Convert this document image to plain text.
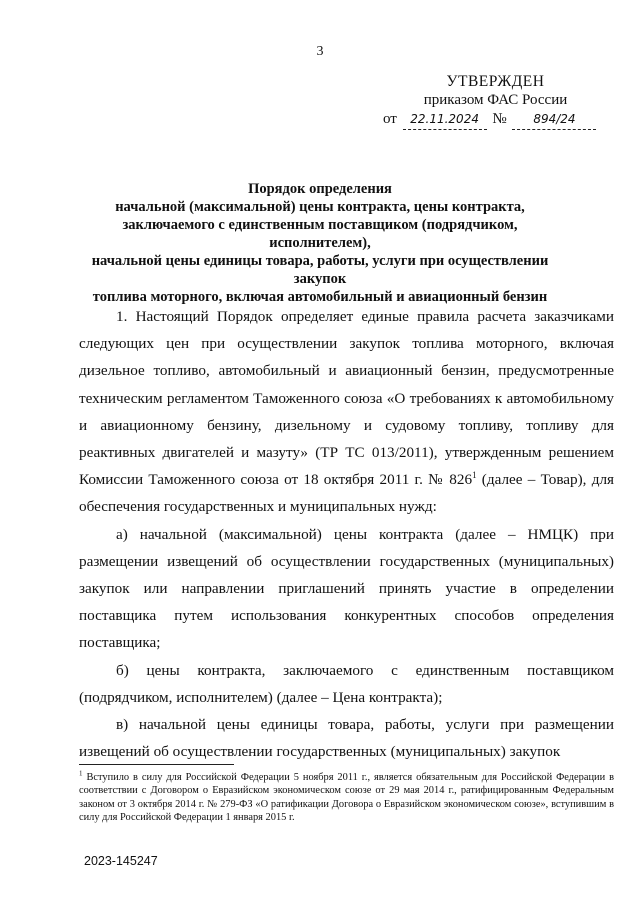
3
УТВЕРЖДЕН
приказом ФАС России
от 22.11.2024 № 894/24
Порядок определения
начальной (максимальной) цены контракта, цены контракта,
заключаемого с единственным поставщиком (подрядчиком, исполнителем),
начальной цены единицы товара, работы, услуги при осуществлении закупок
топлива моторного, включая автомобильный и авиационный бензин

1. Настоящий Порядок определяет единые правила расчета заказчиками следующих цен при осуществлении закупок топлива моторного, включая дизельное топливо, автомобильный и авиационный бензин, предусмотренные техническим регламентом Таможенного союза «О требованиях к автомобильному и авиационному бензину, дизельному и судовому топливу, топливу для реактивных двигателей и мазуту» (ТР ТС 013/2011), утвержденным решением Комиссии Таможенного союза от 18 октября 2011 г. № $826^1$ (далее – Товар), для обеспечения государственных и муниципальных нужд:

а) начальной (максимальной) цены контракта (далее – НМЦК) при размещении извещений об осуществлении государственных (муниципальных) закупок или направлении приглашений принять участие в определении поставщика путем использования конкурентных способов определения поставщика;

б) цены контракта, заключаемого с единственным поставщиком (подрядчиком, исполнителем) (далее – Цена контракта);

в) начальной цены единицы товара, работы, услуги при размещении извещений об осуществлении государственных (муниципальных) закупок

$^1$ Вступило в силу для Российской Федерации 5 ноября 2011 г., является обязательным для Российской Федерации в соответствии с Договором о Евразийском экономическом союзе от 29 мая 2014 г., ратифицированным Федеральным законом от 3 октября 2014 г. № 279-ФЗ «О ратификации Договора о Евразийском экономическом союзе», вступившим в силу для Российской Федерации 1 января 2015 г.

2023-145247
